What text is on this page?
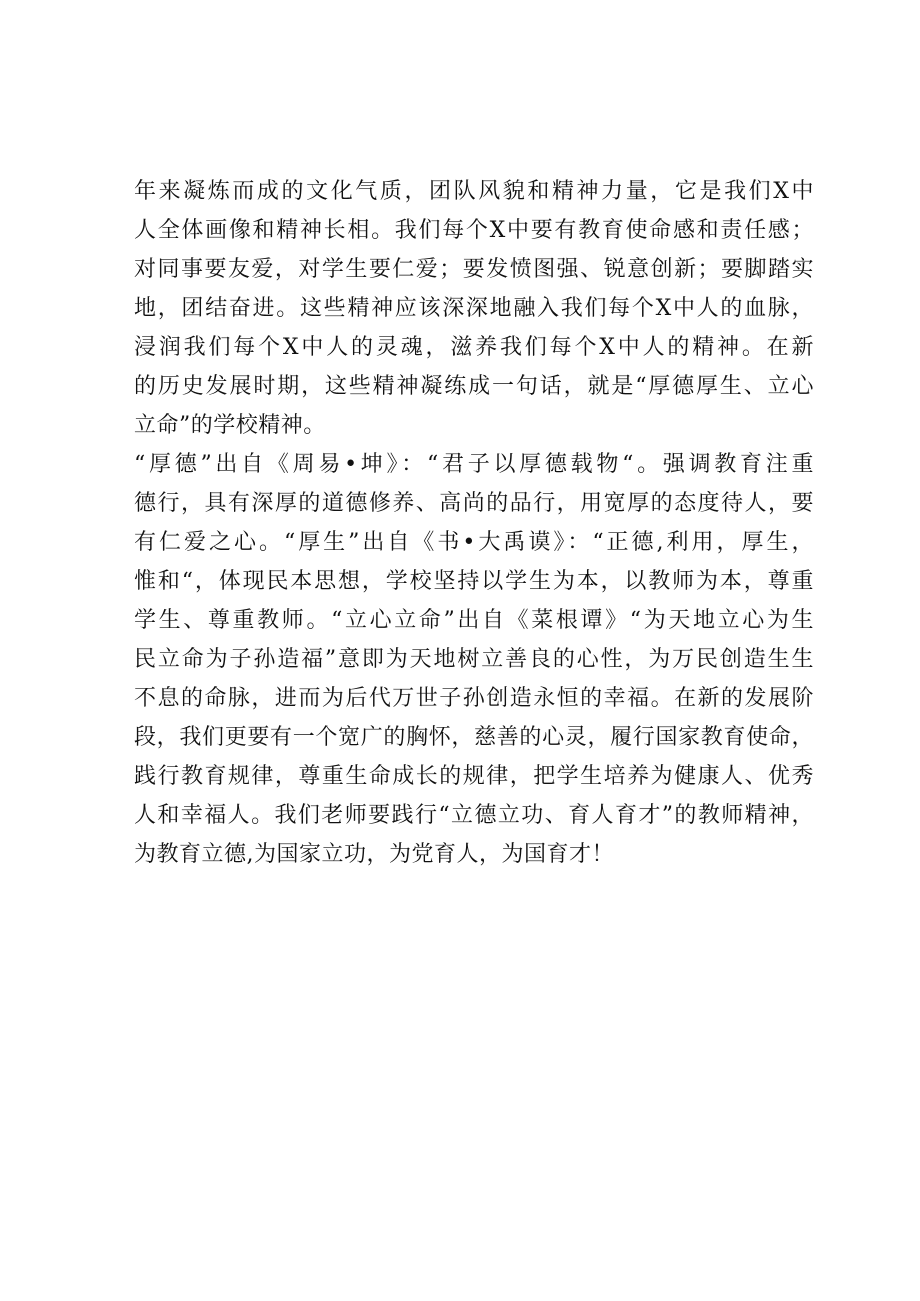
年来凝炼而成的文化气质，团队风貌和精神力量，它是我们X中
人全体画像和精神长相。我们每个X中要有教育使命感和责任感；
对同事要友爱，对学生要仁爱；要发愤图强、锐意创新；要脚踏实
地，团结奋进。这些精神应该深深地融入我们每个X中人的血脉，
浸润我们每个X中人的灵魂，滋养我们每个X中人的精神。在新
的历史发展时期，这些精神凝练成一句话，就是“厚德厚生、立心
立命”的学校精神。
“厚德”出自《周易•坤》：“君子以厚德载物“。强调教育注重
德行，具有深厚的道德修养、高尚的品行，用宽厚的态度待人，要
有仁爱之心。“厚生”出自《书•大禹谟》：“正德,利用，厚生，
惟和“，体现民本思想，学校坚持以学生为本，以教师为本，尊重
学生、尊重教师。“立心立命”出自《菜根谭》“为天地立心为生
民立命为子孙造福”意即为天地树立善良的心性，为万民创造生生
不息的命脉，进而为后代万世子孙创造永恒的幸福。在新的发展阶
段，我们更要有一个宽广的胸怀，慈善的心灵，履行国家教育使命，
践行教育规律，尊重生命成长的规律，把学生培养为健康人、优秀
人和幸福人。我们老师要践行“立德立功、育人育才”的教师精神，
为教育立德,为国家立功，为党育人，为国育才！
